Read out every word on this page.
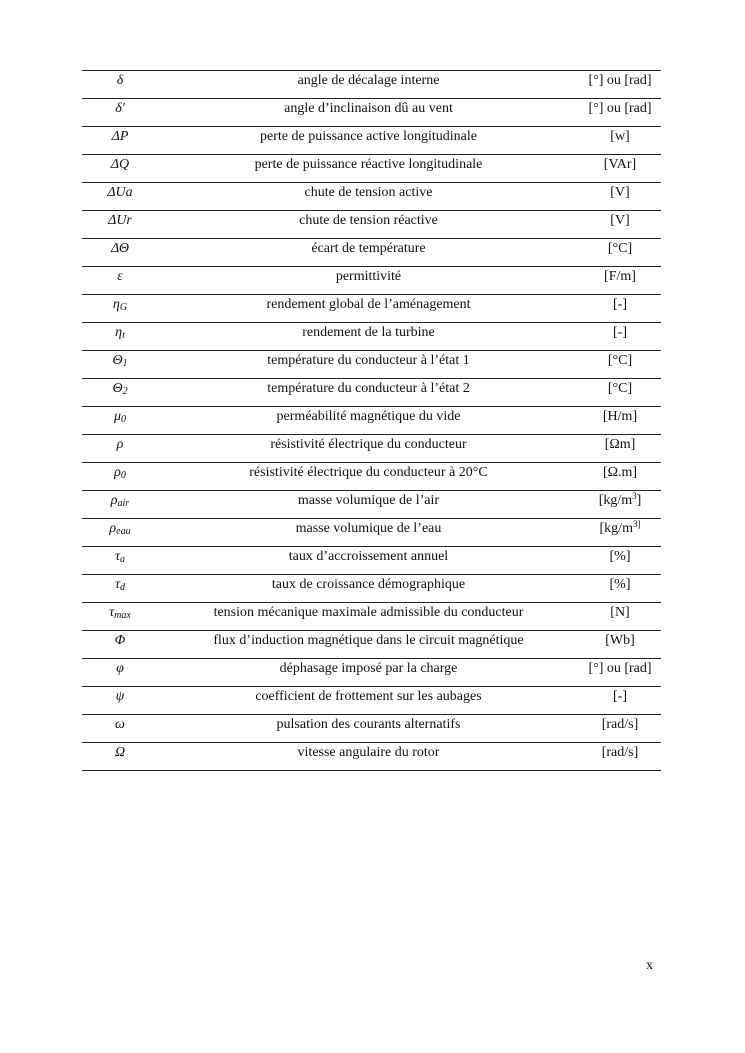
δ	angle de décalage interne	[°] ou [rad]
δ′	angle d’inclinaison dû au vent	[°] ou [rad]
ΔP	perte de puissance active longitudinale	[w]
ΔQ	perte de puissance réactive longitudinale	[VAr]
ΔUa	chute de tension active	[V]
ΔUr	chute de tension réactive	[V]
ΔΘ	écart de température	[°C]
ε	permittivité	[F/m]
$\eta_G$	rendement global de l’aménagement	[-]
$\eta_t$	rendement de la turbine	[-]
$\Theta_1$	température du conducteur à l’état 1	[°C]
$\Theta_2$	température du conducteur à l’état 2	[°C]
$\mu_0$	perméabilité magnétique du vide	[H/m]
ρ	résistivité électrique du conducteur	[Ωm]
$\rho_0$	résistivité électrique du conducteur à 20°C	[Ω.m]
$\rho_{air}$	masse volumique de l’air	$[kg/m^3]$
$\rho_{eau}$	masse volumique de l’eau	[$kg/m^{3]}$
$\tau_a$	taux d’accroissement annuel	[%]
$\tau_d$	taux de croissance démographique	[%]
$\tau_{max}$	tension mécanique maximale admissible du conducteur	[N]
Φ	flux d’induction magnétique dans le circuit magnétique	[Wb]
φ	déphasage imposé par la charge	[°] ou [rad]
ψ	coefficient de frottement sur les aubages	[-]
ω	pulsation des courants alternatifs	[rad/s]
Ω	vitesse angulaire du rotor	[rad/s]
x
